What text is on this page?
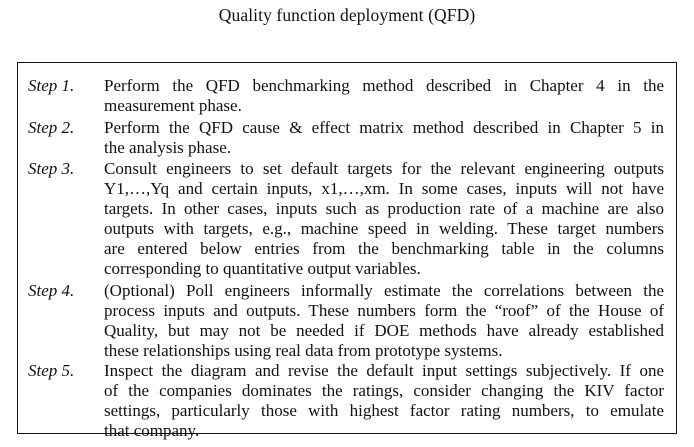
Quality function deployment (QFD)
Step 1. Perform the QFD benchmarking method described in Chapter 4 in the
measurement phase.
Step 2. Perform the QFD cause & effect matrix method described in Chapter 5 in
the analysis phase.
Step 3. Consult engineers to set default targets for the relevant engineering outputs
Y1,…,Yq and certain inputs, x1,…,xm. In some cases, inputs will not have
targets. In other cases, inputs such as production rate of a machine are also
outputs with targets, e.g., machine speed in welding. These target numbers
are entered below entries from the benchmarking table in the columns
corresponding to quantitative output variables.
Step 4. (Optional) Poll engineers informally estimate the correlations between the
process inputs and outputs. These numbers form the “roof” of the House of
Quality, but may not be needed if DOE methods have already established
these relationships using real data from prototype systems.
Step 5. Inspect the diagram and revise the default input settings subjectively. If one
of the companies dominates the ratings, consider changing the KIV factor
settings, particularly those with highest factor rating numbers, to emulate
that company.
